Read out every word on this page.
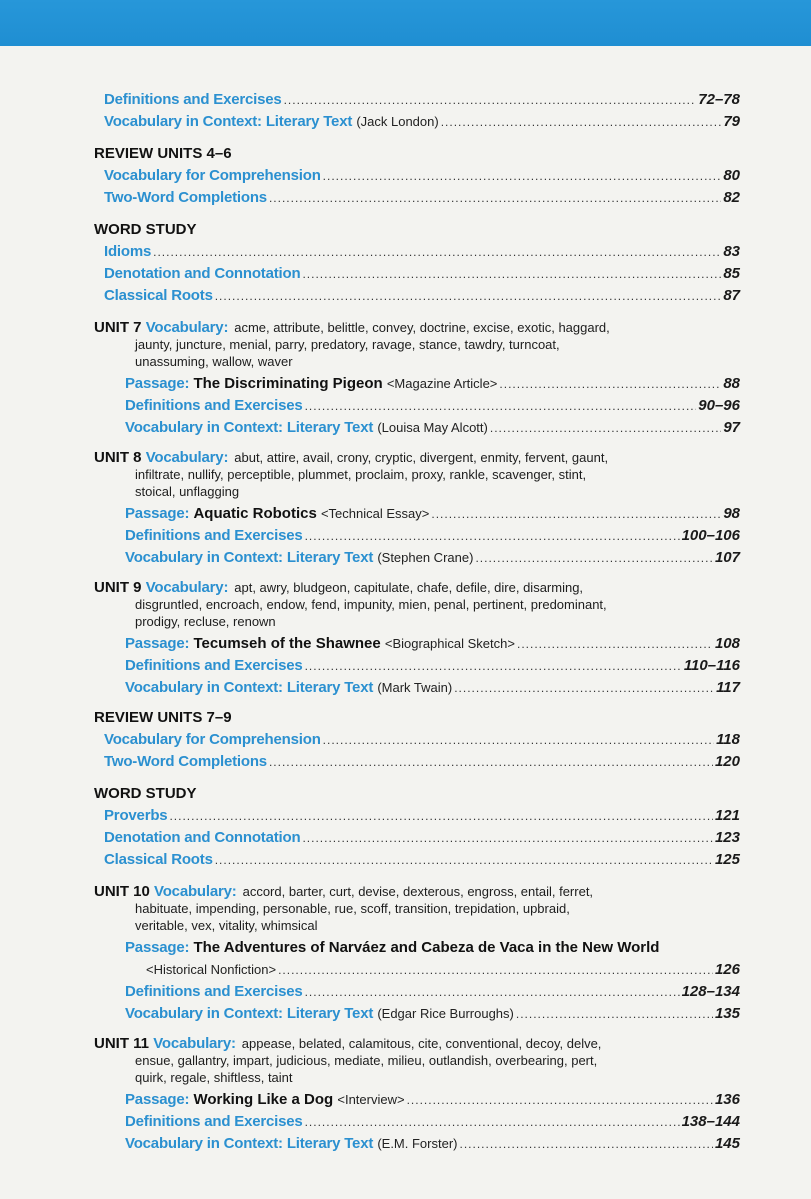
Definitions and Exercises .....	72–78
Vocabulary in Context: Literary Text (Jack London) .....	79
REVIEW UNITS 4–6
Vocabulary for Comprehension .....	80
Two-Word Completions .....	82
WORD STUDY
Idioms .....	83
Denotation and Connotation .....	85
Classical Roots .....	87
UNIT 7 Vocabulary: acme, attribute, belittle, convey, doctrine, excise, exotic, haggard,
jaunty, juncture, menial, parry, predatory, ravage, stance, tawdry, turncoat,
unassuming, wallow, waver
Passage: The Discriminating Pigeon <Magazine Article> .....	88
Definitions and Exercises .....	90–96
Vocabulary in Context: Literary Text (Louisa May Alcott) .....	97
UNIT 8 Vocabulary: abut, attire, avail, crony, cryptic, divergent, enmity, fervent, gaunt,
infiltrate, nullify, perceptible, plummet, proclaim, proxy, rankle, scavenger, stint,
stoical, unflagging
Passage: Aquatic Robotics <Technical Essay> .....	98
Definitions and Exercises .....	100–106
Vocabulary in Context: Literary Text (Stephen Crane) .....	107
UNIT 9 Vocabulary: apt, awry, bludgeon, capitulate, chafe, defile, dire, disarming,
disgruntled, encroach, endow, fend, impunity, mien, penal, pertinent, predominant,
prodigy, recluse, renown
Passage: Tecumseh of the Shawnee <Biographical Sketch> .....	108
Definitions and Exercises .....	110–116
Vocabulary in Context: Literary Text (Mark Twain) .....	117
REVIEW UNITS 7–9
Vocabulary for Comprehension .....	118
Two-Word Completions .....	120
WORD STUDY
Proverbs .....	121
Denotation and Connotation .....	123
Classical Roots .....	125
UNIT 10 Vocabulary: accord, barter, curt, devise, dexterous, engross, entail, ferret,
habituate, impending, personable, rue, scoff, transition, trepidation, upbraid,
veritable, vex, vitality, whimsical
Passage: The Adventures of Narváez and Cabeza de Vaca in the New World
<Historical Nonfiction> .....	126
Definitions and Exercises .....	128–134
Vocabulary in Context: Literary Text (Edgar Rice Burroughs) .....	135
UNIT 11 Vocabulary: appease, belated, calamitous, cite, conventional, decoy, delve,
ensue, gallantry, impart, judicious, mediate, milieu, outlandish, overbearing, pert,
quirk, regale, shiftless, taint
Passage: Working Like a Dog <Interview> .....	136
Definitions and Exercises .....	138–144
Vocabulary in Context: Literary Text (E.M. Forster) .....	145
